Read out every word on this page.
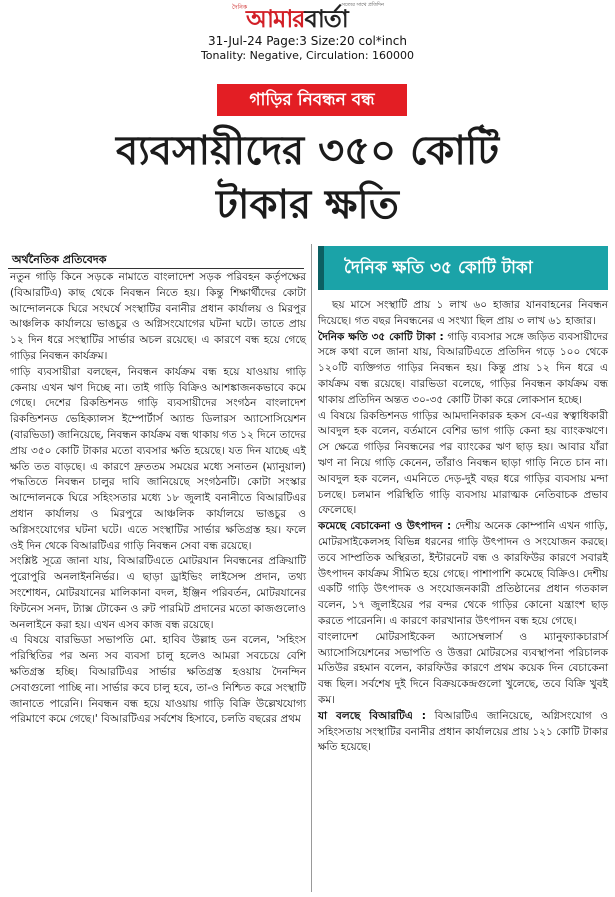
দৈনিক	সত্যের সাথে প্রতিদিন
আমারবার্তা
31-Jul-24 Page:3 Size:20 col*inch
Tonality: Negative, Circulation: 160000
গাড়ির নিবন্ধন বন্ধ
ব্যবসায়ীদের ৩৫০ কোটি
টাকার ক্ষতি
অর্থনৈতিক প্রতিবেদক	দৈনিক ক্ষতি ৩৫ কোটি টাকা

নতুন গাড়ি কিনে সড়কে নামাতে বাংলাদেশ সড়ক পরিবহন কর্তৃপক্ষের (বিআরটিএ) কাছ থেকে নিবন্ধন নিতে হয়। কিন্তু শিক্ষার্থীদের কোটা আন্দোলনকে ঘিরে সংঘর্ষে সংস্থাটির বনানীর প্রধান কার্যালয় ও মিরপুর আঞ্চলিক কার্যালয়ে ভাঙচুর ও অগ্নিসংযোগের ঘটনা ঘটে। তাতে প্রায় ১২ দিন ধরে সংস্থাটির সার্ভার অচল রয়েছে। এ কারণে বন্ধ হয়ে গেছে গাড়ির নিবন্ধন কার্যক্রম।

গাড়ি ব্যবসায়ীরা বলছেন, নিবন্ধন কার্যক্রম বন্ধ হয়ে যাওয়ায় গাড়ি কেনায় এখন ঋণ দিচ্ছে না। তাই গাড়ি বিক্রিও আশঙ্কাজনকভাবে কমে গেছে। দেশের রিকন্ডিশনড গাড়ি ব্যবসায়ীদের সংগঠন বাংলাদেশ রিকন্ডিশনড ভেহিক্যালস ইম্পোর্টার্স অ্যান্ড ডিলারস অ্যাসোসিয়েশন (বারভিডা) জানিয়েছে, নিবন্ধন কার্যক্রম বন্ধ থাকায় গত ১২ দিনে তাদের প্রায় ৩৫০ কোটি টাকার মতো ব্যবসার ক্ষতি হয়েছে। যত দিন যাচ্ছে এই ক্ষতি তত বাড়ছে। এ কারণে দ্রুততম সময়ের মধ্যে সনাতন (ম্যানুয়াল) পদ্ধতিতে নিবন্ধন চালুর দাবি জানিয়েছে সংগঠনটি। কোটা সংস্কার আন্দোলনকে ঘিরে সহিংসতার মধ্যে ১৮ জুলাই বনানীতে বিআরটিএর প্রধান কার্যালয় ও মিরপুরে আঞ্চলিক কার্যালয়ে ভাঙচুর ও অগ্নিসংযোগের ঘটনা ঘটে। এতে সংস্থাটির সার্ভার ক্ষতিগ্রস্ত হয়। ফলে ওই দিন থেকে বিআরটিএর গাড়ি নিবন্ধন সেবা বন্ধ রয়েছে।

সংশ্লিষ্ট সূত্রে জানা যায়, বিআরটিএতে মোটরযান নিবন্ধনের প্রক্রিয়াটি পুরোপুরি অনলাইননির্ভর। এ ছাড়া ড্রাইভিং লাইসেন্স প্রদান, তথ্য সংশোধন, মোটরযানের মালিকানা বদল, ইঞ্জিন পরিবর্তন, মোটরযানের ফিটনেস সনদ, ট্যাক্স টোকেন ও রুট পারমিট প্রদানের মতো কাজগুলোও অনলাইনে করা হয়। এখন এসব কাজ বন্ধ রয়েছে।

এ বিষয়ে বারভিডা সভাপতি মো. হাবিব উল্লাহ ডন বলেন, 'সহিংস পরিস্থিতির পর অন্য সব ব্যবসা চালু হলেও আমরা সবচেয়ে বেশি ক্ষতিগ্রস্ত হচ্ছি। বিআরটিএর সার্ভার ক্ষতিগ্রস্ত হওয়ায় দৈনন্দিন সেবাগুলো পাচ্ছি না। সার্ভার কবে চালু হবে, তা-ও নিশ্চিত করে সংস্থাটি জানাতে পারেনি। নিবন্ধন বন্ধ হয়ে যাওয়ায় গাড়ি বিক্রি উল্লেখযোগ্য পরিমাণে কমে গেছে।' বিআরটিএর সর্বশেষ হিসাবে, চলতি বছরের প্রথম

ছয় মাসে সংস্থাটি প্রায় ১ লাখ ৬০ হাজার যানবাহনের নিবন্ধন দিয়েছে। গত বছর নিবন্ধনের এ সংখ্যা ছিল প্রায় ৩ লাখ ৬১ হাজার।

দৈনিক ক্ষতি ৩৫ কোটি টাকা : গাড়ি ব্যবসার সঙ্গে জড়িত ব্যবসায়ীদের সঙ্গে কথা বলে জানা যায়, বিআরটিএতে প্রতিদিন গড়ে ১০০ থেকে ১২০টি ব্যক্তিগত গাড়ির নিবন্ধন হয়। কিন্তু প্রায় ১২ দিন ধরে এ কার্যক্রম বন্ধ রয়েছে। বারভিডা বলেছে, গাড়ির নিবন্ধন কার্যক্রম বন্ধ থাকায় প্রতিদিন অন্তত ৩০-৩৫ কোটি টাকা করে লোকসান হচ্ছে।

এ বিষয়ে রিকন্ডিশনড গাড়ির আমদানিকারক হকস বে-এর স্বত্বাধিকারী আবদুল হক বলেন, বর্তমানে বেশির ভাগ গাড়ি কেনা হয় ব্যাংকঋণে। সে ক্ষেত্রে গাড়ির নিবন্ধনের পর ব্যাংকের ঋণ ছাড় হয়। আবার যাঁরা ঋণ না নিয়ে গাড়ি কেনেন, তাঁরাও নিবন্ধন ছাড়া গাড়ি নিতে চান না। আবদুল হক বলেন, এমনিতে দেড়-দুই বছর ধরে গাড়ির ব্যবসায় মন্দা চলছে। চলমান পরিস্থিতি গাড়ি ব্যবসায় মারাত্মক নেতিবাচক প্রভাব ফেলেছে।

কমেছে বেচাকেনা ও উৎপাদন : দেশীয় অনেক কোম্পানি এখন গাড়ি, মোটরসাইকেলসহ বিভিন্ন ধরনের গাড়ি উৎপাদন ও সংযোজন করছে। তবে সাম্প্রতিক অস্থিরতা, ইন্টারনেট বন্ধ ও কারফিউর কারণে সবারই উৎপাদন কার্যক্রম সীমিত হয়ে গেছে। পাশাপাশি কমেছে বিক্রিও। দেশীয় একটি গাড়ি উৎপাদক ও সংযোজনকারী প্রতিষ্ঠানের প্রধান গতকাল বলেন, ১৭ জুলাইয়ের পর বন্দর থেকে গাড়ির কোনো যন্ত্রাংশ ছাড় করতে পারেননি। এ কারণে কারখানার উৎপাদন বন্ধ হয়ে গেছে।

বাংলাদেশ মোটরসাইকেল অ্যাসেম্বলার্স ও ম্যানুফ্যাকচারার্স অ্যাসোসিয়েশনের সভাপতি ও উত্তরা মোটরসের ব্যবস্থাপনা পরিচালক মতিউর রহমান বলেন, কারফিউর কারণে প্রথম কয়েক দিন বেচাকেনা বন্ধ ছিল। সর্বশেষ দুই দিনে বিক্রয়কেন্দ্রগুলো খুলেছে, তবে বিক্রি খুবই কম।

যা বলছে বিআরটিএ : বিআরটিএ জানিয়েছে, অগ্নিসংযোগ ও সহিংসতায় সংস্থাটির বনানীর প্রধান কার্যালয়ের প্রায় ১২১ কোটি টাকার ক্ষতি হয়েছে।
